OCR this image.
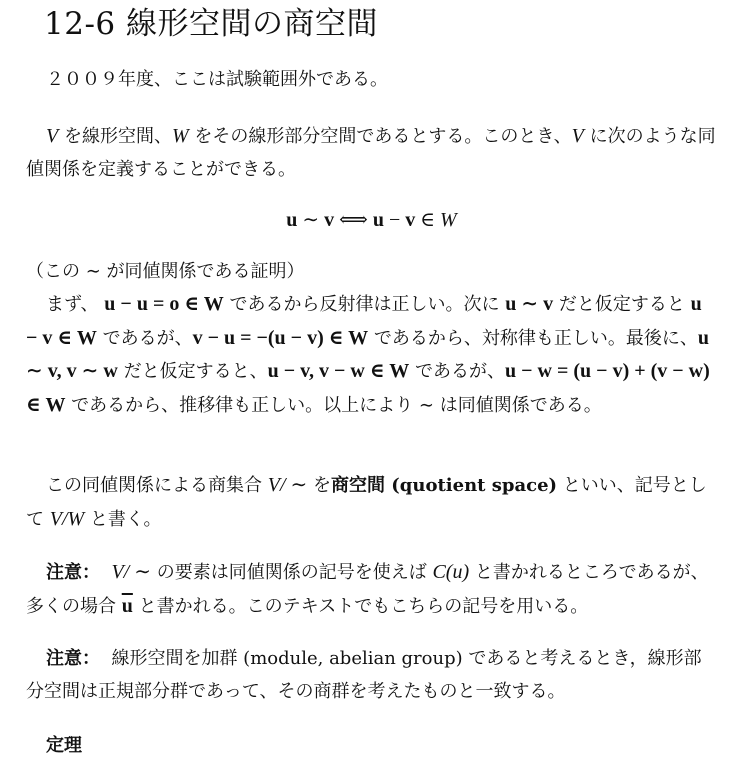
12-6 線形空間の商空間

２００９年度、ここは試験範囲外である。

V を線形空間、W をその線形部分空間であるとする。このとき、V に次のような同値関係を定義することができる。

u ∼ v ⟺ u − v ∈ W

（この ∼ が同値関係である証明）

まず、 u − u = o ∈ W であるから反射律は正しい。次に u ∼ v だと仮定すると u − v ∈ W であるが、v − u = −(u − v) ∈ W であるから、対称律も正しい。最後に、u ∼ v, v ∼ w だと仮定すると、u − v, v − w ∈ W であるが、u − w = (u − v) + (v − w) ∈ W であるから、推移律も正しい。以上により ∼ は同値関係である。

この同値関係による商集合 V/ ∼ を商空間 (quotient space) といい、記号として V/W と書く。

注意： V/ ∼ の要素は同値関係の記号を使えば C(u) と書かれるところであるが、多くの場合 $\overline{u}$ と書かれる。このテキストでもこちらの記号を用いる。

注意： 線形空間を加群 (module, abelian group) であると考えるとき，線形部分空間は正規部分群であって、その商群を考えたものと一致する。

定理
